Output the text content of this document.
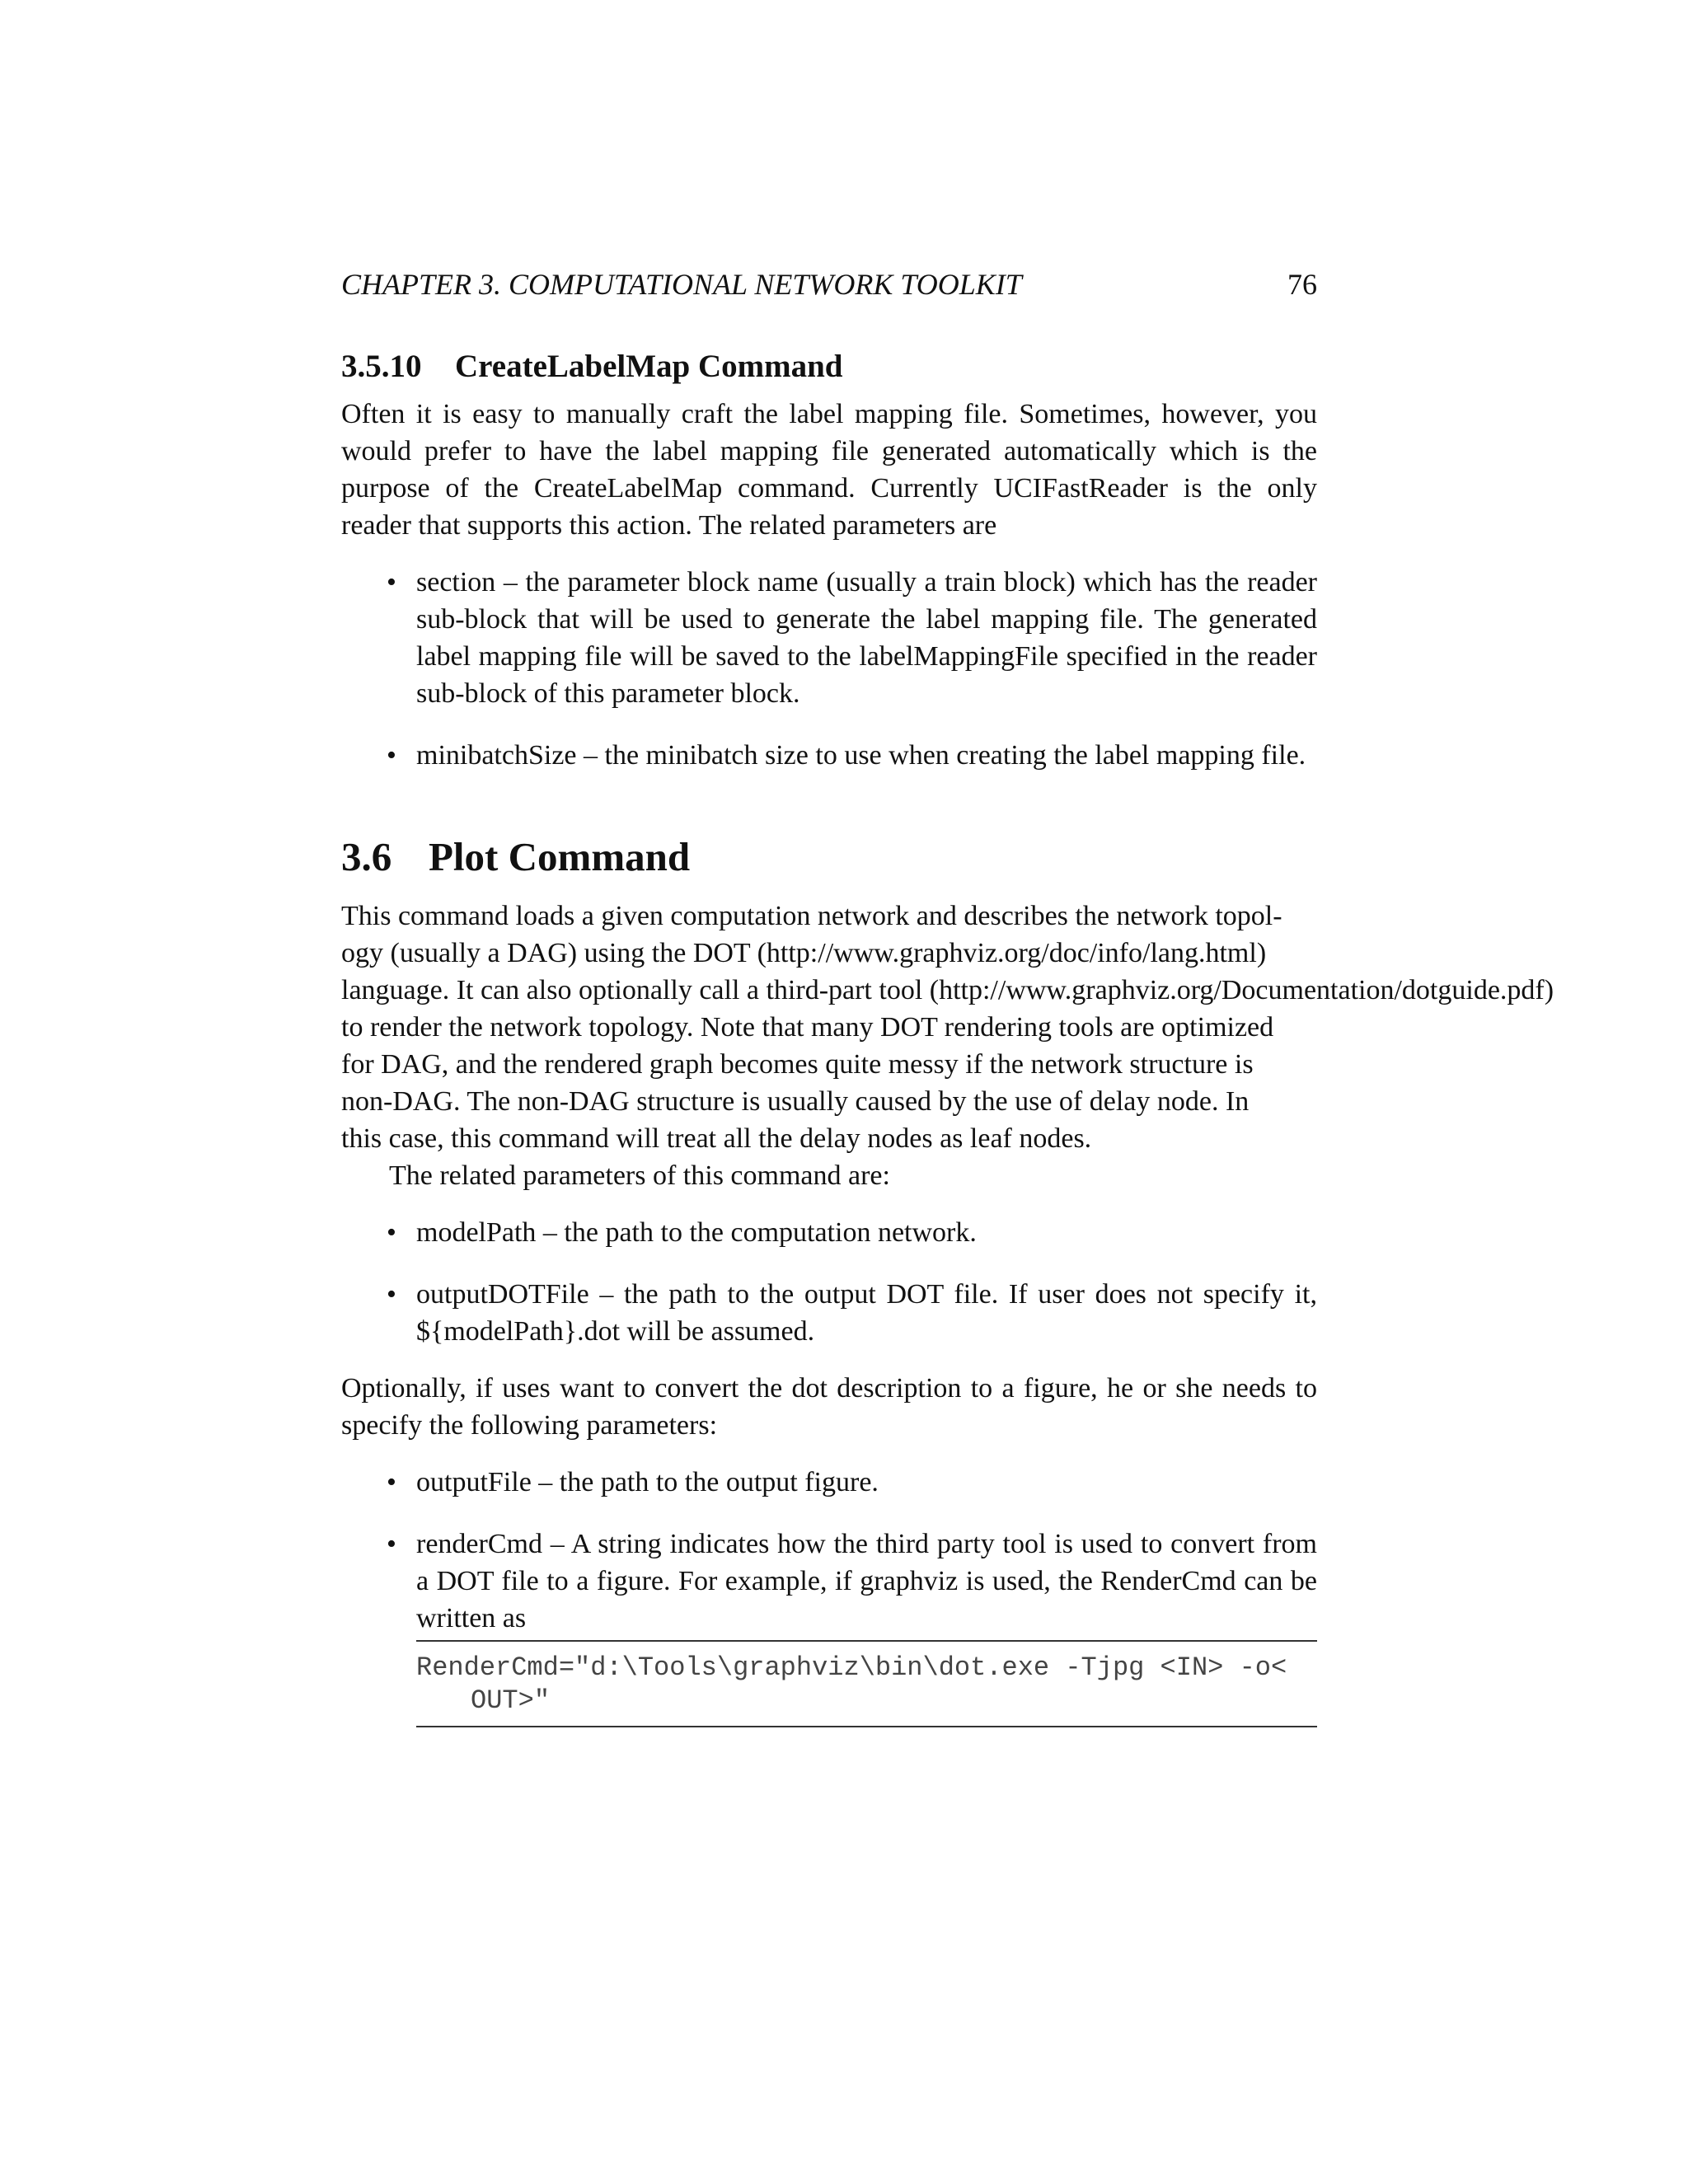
CHAPTER 3. COMPUTATIONAL NETWORK TOOLKIT	76
3.5.10 CreateLabelMap Command

Often it is easy to manually craft the label mapping file. Sometimes, however, you would prefer to have the label mapping file generated automatically which is the purpose of the CreateLabelMap command. Currently UCIFastReader is the only reader that supports this action. The related parameters are

• section – the parameter block name (usually a train block) which has the reader sub-block that will be used to generate the label mapping file. The generated label mapping file will be saved to the labelMappingFile specified in the reader sub-block of this parameter block.
• minibatchSize – the minibatch size to use when creating the label mapping file.
3.6 Plot Command
This command loads a given computation network and describes the network topol-
ogy (usually a DAG) using the DOT (http://www.graphviz.org/doc/info/lang.html)
language. It can also optionally call a third-part tool (http://www.graphviz.org/Documentation/dotguide.pdf)
to render the network topology. Note that many DOT rendering tools are optimized
for DAG, and the rendered graph becomes quite messy if the network structure is
non-DAG. The non-DAG structure is usually caused by the use of delay node. In
this case, this command will treat all the delay nodes as leaf nodes.

The related parameters of this command are:

• modelPath – the path to the computation network.
• outputDOTFile – the path to the output DOT file. If user does not specify it, ${modelPath}.dot will be assumed.

Optionally, if uses want to convert the dot description to a figure, he or she needs to specify the following parameters:

• outputFile – the path to the output figure.
• renderCmd – A string indicates how the third party tool is used to convert from a DOT file to a figure. For example, if graphviz is used, the RenderCmd can be written as
RenderCmd="d:\Tools\graphviz\bin\dot.exe -Tjpg <IN> -o<
OUT>"
